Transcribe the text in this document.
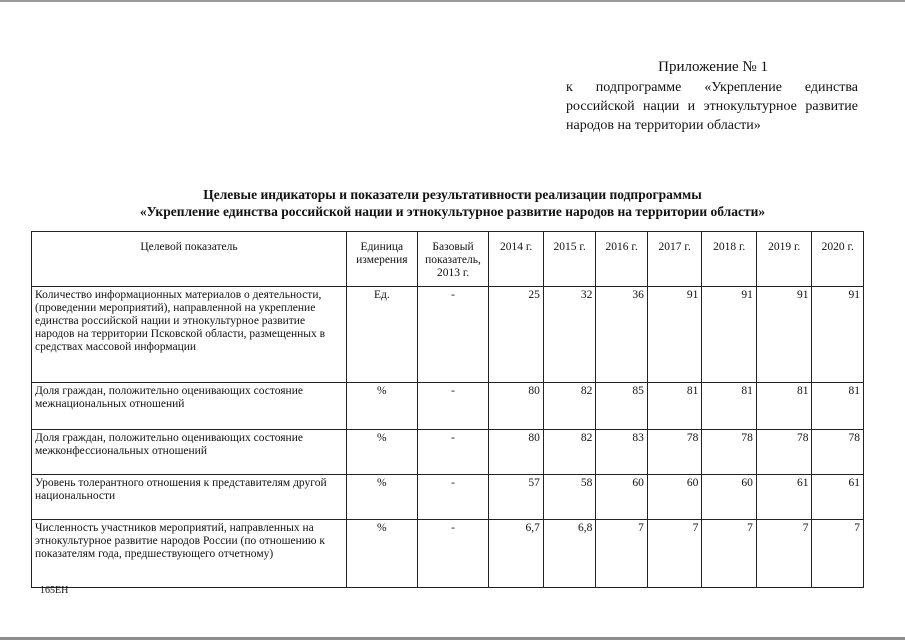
Приложение № 1
к подпрограмме «Укрепление единства российской нации и этнокультурное развитие народов на территории области»
Целевые индикаторы и показатели результативности реализации подпрограммы
«Укрепление единства российской нации и этнокультурное развитие народов на территории области»
Целевой показатель	Единица измерения	Базовый показатель, 2013 г.	2014 г.	2015 г.	2016 г.	2017 г.	2018 г.	2019 г.	2020 г.
Количество информационных материалов о деятельности, (проведении мероприятий), направленной на укрепление единства российской нации и этнокультурное развитие народов на территории Псковской области, размещенных в средствах массовой информации	Ед.	-	25	32	36	91	91	91	91
Доля граждан, положительно оценивающих состояние межнациональных отношений	%	-	80	82	85	81	81	81	81
Доля граждан, положительно оценивающих состояние межконфессиональных отношений	%	-	80	82	83	78	78	78	78
Уровень толерантного отношения к представителям другой национальности	%	-	57	58	60	60	60	61	61
Численность участников мероприятий, направленных на этнокультурное развитие народов России (по отношению к показателям года, предшествующего отчетному)	%	-	6,7	6,8	7	7	7	7	7
165EH
